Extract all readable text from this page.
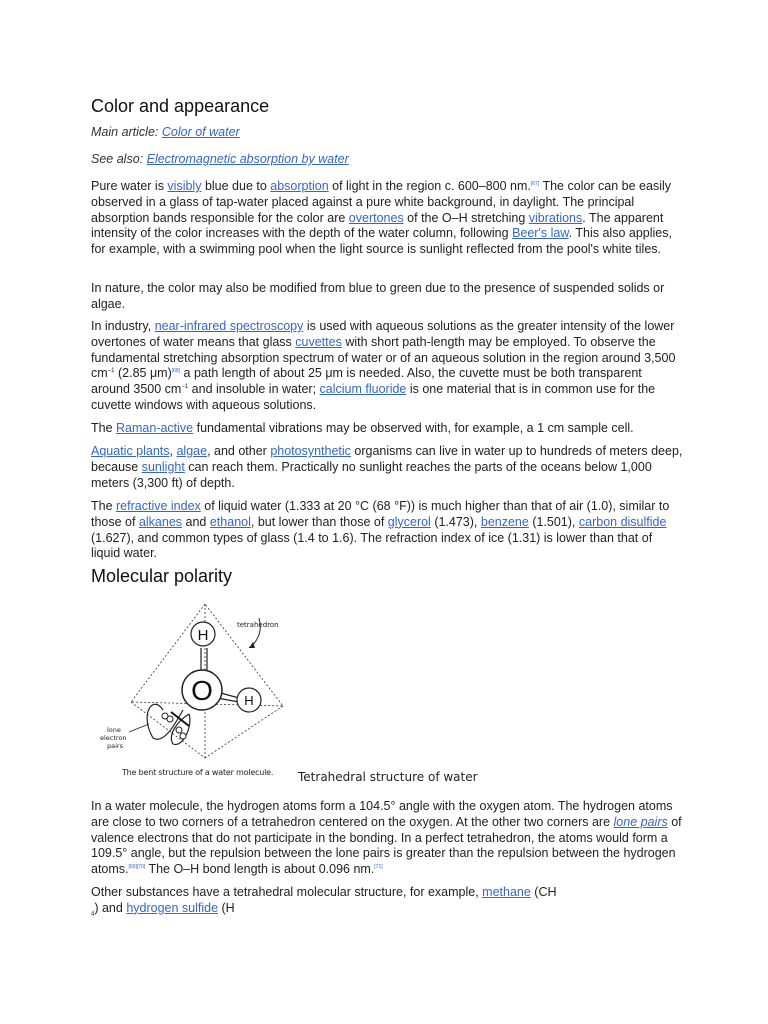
Color and appearance
Main article: Color of water
See also: Electromagnetic absorption by water

Pure water is visibly blue due to absorption of light in the region c. 600–800 nm.[67] The color can be easily observed in a glass of tap-water placed against a pure white background, in daylight. The principal absorption bands responsible for the color are overtones of the O–H stretching vibrations. The apparent intensity of the color increases with the depth of the water column, following Beer's law. This also applies, for example, with a swimming pool when the light source is sunlight reflected from the pool's white tiles.

In nature, the color may also be modified from blue to green due to the presence of suspended solids or algae.

In industry, near-infrared spectroscopy is used with aqueous solutions as the greater intensity of the lower overtones of water means that glass cuvettes with short path-length may be employed. To observe the fundamental stretching absorption spectrum of water or of an aqueous solution in the region around 3,500 $cm^{-1}$ (2.85 μm)[68] a path length of about 25 μm is needed. Also, the cuvette must be both transparent around 3500 $cm^{-1}$ and insoluble in water; calcium fluoride is one material that is in common use for the cuvette windows with aqueous solutions.

The Raman-active fundamental vibrations may be observed with, for example, a 1 cm sample cell.

Aquatic plants, algae, and other photosynthetic organisms can live in water up to hundreds of meters deep, because sunlight can reach them. Practically no sunlight reaches the parts of the oceans below 1,000 meters (3,300 ft) of depth.

The refractive index of liquid water (1.333 at 20 °C (68 °F)) is much higher than that of air (1.0), similar to those of alkanes and ethanol, but lower than those of glycerol (1.473), benzene (1.501), carbon disulfide (1.627), and common types of glass (1.4 to 1.6). The refraction index of ice (1.31) is lower than that of liquid water.

Molecular polarity

In a water molecule, the hydrogen atoms form a 104.5° angle with the oxygen atom. The hydrogen atoms are close to two corners of a tetrahedron centered on the oxygen. At the other two corners are lone pairs of valence electrons that do not participate in the bonding. In a perfect tetrahedron, the atoms would form a 109.5° angle, but the repulsion between the lone pairs is greater than the repulsion between the hydrogen atoms.[69][70] The O–H bond length is about 0.096 nm.[71]

Other substances have a tetrahedral molecular structure, for example, methane (CH
$_4$) and hydrogen sulfide (H

tetrahedron
H
O H
lone
electron
pairs
The bent structure of a water molecule. Tetrahedral structure of water
